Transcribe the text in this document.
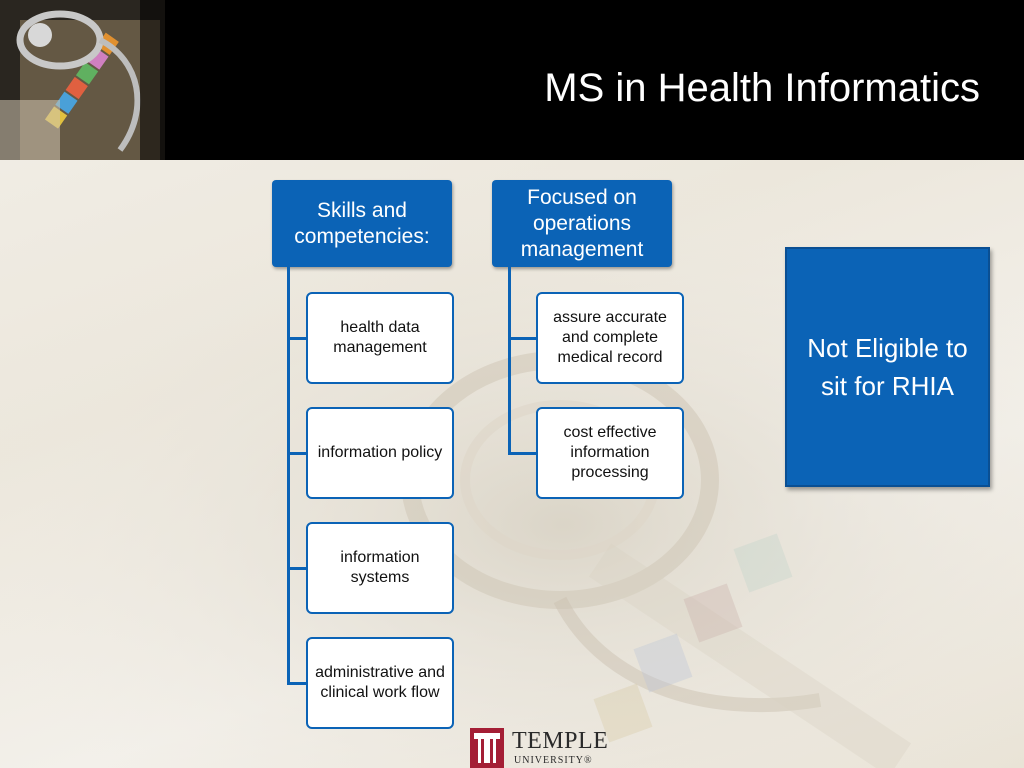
MS in Health Informatics
Skills and competencies:
health data management
information policy
information systems
administrative and clinical work flow
Focused on operations management
assure accurate and complete medical record
cost effective information processing
Not Eligible to sit for RHIA
TEMPLE
UNIVERSITY®
